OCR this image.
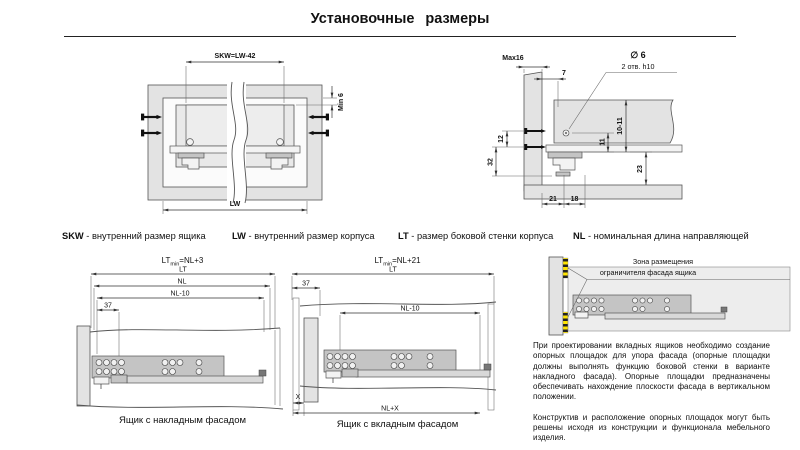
Установочные размеры
SKW=LW-42
Min 6
LW
Max16
7
∅ 6
2 отв. h10
12
32
11
10-11
23
21 18
SKW - внутренний размер ящика	LW - внутренний размер корпуса	LT - размер боковой стенки корпуса NL - номинальная длина направляющей
$LT_{min}=NL+3$
LT
NL
NL-10
37
Ящик с накладным фасадом
$LT_{min}=NL+21$
LT
37
NL-10
X
NL+X
Ящик с вкладным фасадом
Зона размещения
ограничителя фасада ящика

При проектировании вкладных ящиков необходимо создание опорных площадок для упора фасада (опорные площадки должны выполнять функцию боковой стенки в варианте накладного фасада). Опорные площадки предназначены обеспечивать нахождение плоскости фасада в вертикальном положении.

Конструктив и расположение опорных площадок могут быть решены исходя из конструкции и функционала мебельного изделия.
